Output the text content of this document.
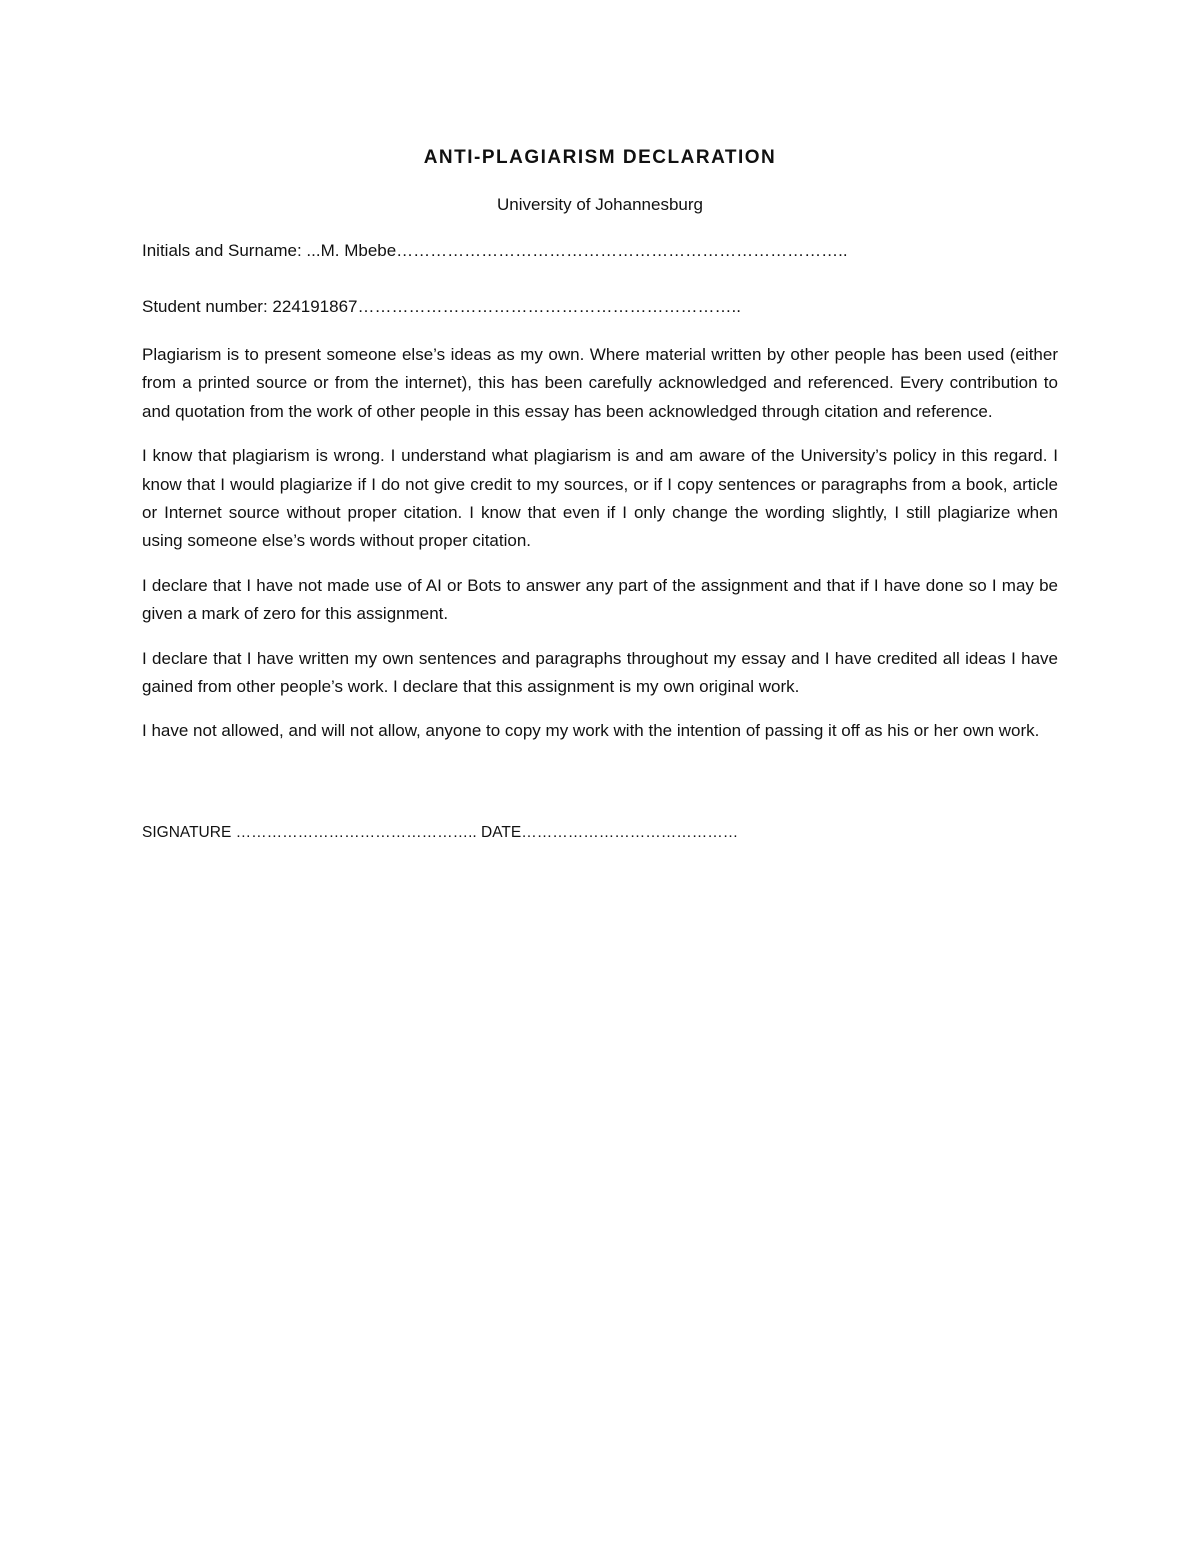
ANTI-PLAGIARISM DECLARATION

University of Johannesburg

Initials and Surname: ...M. Mbebe……………………………………………………………………..

Student number: 224191867…………………………………………………………..

Plagiarism is to present someone else’s ideas as my own. Where material written by other people has been used (either from a printed source or from the internet), this has been carefully acknowledged and referenced. Every contribution to and quotation from the work of other people in this essay has been acknowledged through citation and reference.

I know that plagiarism is wrong. I understand what plagiarism is and am aware of the University’s policy in this regard. I know that I would plagiarize if I do not give credit to my sources, or if I copy sentences or paragraphs from a book, article or Internet source without proper citation. I know that even if I only change the wording slightly, I still plagiarize when using someone else’s words without proper citation.

I declare that I have not made use of AI or Bots to answer any part of the assignment and that if I have done so I may be given a mark of zero for this assignment.

I declare that I have written my own sentences and paragraphs throughout my essay and I have credited all ideas I have gained from other people’s work. I declare that this assignment is my own original work.

I have not allowed, and will not allow, anyone to copy my work with the intention of passing it off as his or her own work.

SIGNATURE ……………………………………….. DATE……………………………………
